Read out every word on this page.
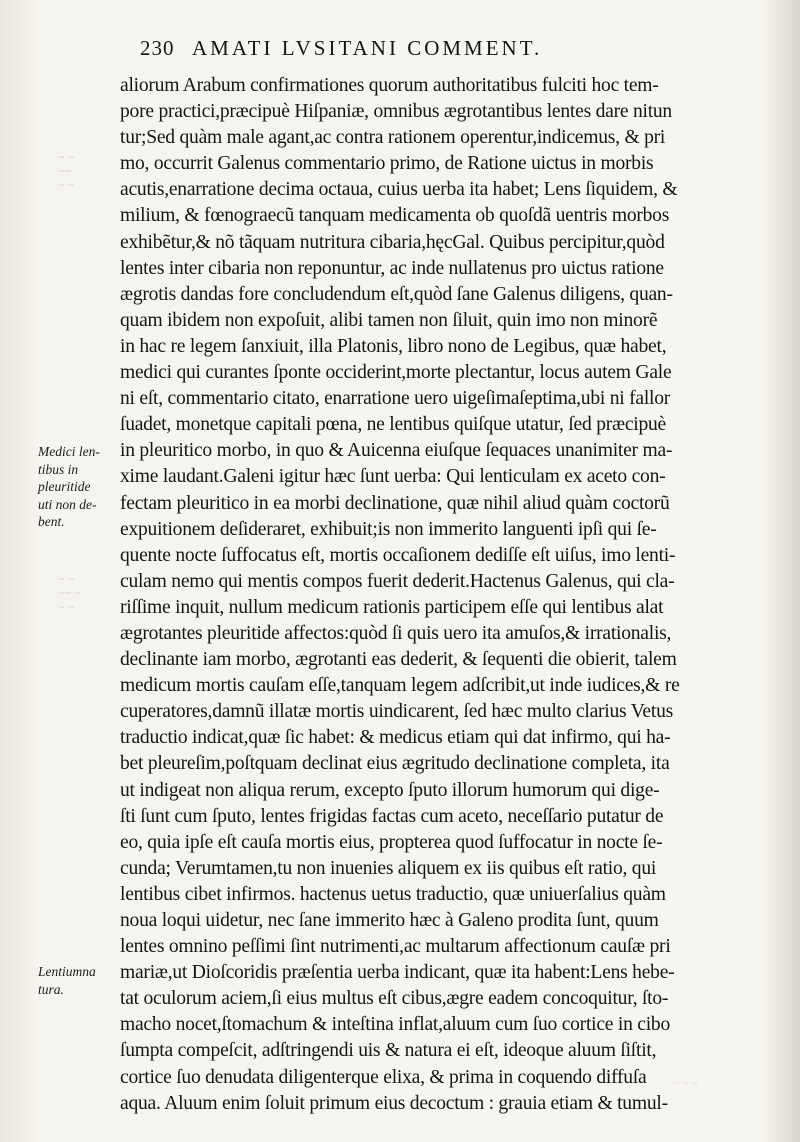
230 AMATI LVSITANI COMMENT.
~ ~
~~
~ ~
~ ~
~~ ~
~ ~
~ ~ ~
Medici len-
tibus in
pleuritide
uti non de-
bent.
Lentiumna
tura.
aliorum Arabum confirmationes quorum authoritatibus fulciti hoc tem-
pore practici,præcipuè Hiſpaniæ, omnibus ægrotantibus lentes dare nitun
tur;Sed quàm male agant,ac contra rationem operentur,indicemus, & pri
mo, occurrit Galenus commentario primo, de Ratione uictus in morbis
acutis,enarratione decima octaua, cuius uerba ita habet; Lens ſiquidem, &
milium, & fœnograecũ tanquam medicamenta ob quoſdã uentris morbos
exhibẽtur,& nõ tãquam nutritura cibaria,hęcGal. Quibus percipitur,quòd
lentes inter cibaria non reponuntur, ac inde nullatenus pro uictus ratione
ægrotis dandas fore concludendum eſt,quòd ſane Galenus diligens, quan-
quam ibidem non expoſuit, alibi tamen non ſiluit, quin imo non minorẽ
in hac re legem ſanxiuit, illa Platonis, libro nono de Legibus, quæ habet,
medici qui curantes ſponte occiderint,morte plectantur, locus autem Gale
ni eſt, commentario citato, enarratione uero uigeſimaſeptima,ubi ni fallor
ſuadet, monetque capitali pœna, ne lentibus quiſque utatur, ſed præcipuè
in pleuritico morbo, in quo & Auicenna eiuſque ſequaces unanimiter ma-
xime laudant.Galeni igitur hæc ſunt uerba: Qui lenticulam ex aceto con-
fectam pleuritico in ea morbi declinatione, quæ nihil aliud quàm coctorũ
expuitionem deſideraret, exhibuit;is non immerito languenti ipſi qui ſe-
quente nocte ſuffocatus eſt, mortis occaſionem dediſſe eſt uiſus, imo lenti-
culam nemo qui mentis compos fuerit dederit.Hactenus Galenus, qui cla-
riſſime inquit, nullum medicum rationis participem eſſe qui lentibus alat
ægrotantes pleuritide affectos:quòd ſi quis uero ita amuſos,& irrationalis,
declinante iam morbo, ægrotanti eas dederit, & ſequenti die obierit, talem
medicum mortis cauſam eſſe,tanquam legem adſcribit,ut inde iudices,& re
cuperatores,damnũ illatæ mortis uindicarent, ſed hæc multo clarius Vetus
traductio indicat,quæ ſic habet: & medicus etiam qui dat infirmo, qui ha-
bet pleureſim,poſtquam declinat eius ægritudo declinatione completa, ita
ut indigeat non aliqua rerum, excepto ſputo illorum humorum qui dige-
ſti ſunt cum ſputo, lentes frigidas factas cum aceto, neceſſario putatur de
eo, quia ipſe eſt cauſa mortis eius, propterea quod ſuffocatur in nocte ſe-
cunda; Verumtamen,tu non inuenies aliquem ex iis quibus eſt ratio, qui
lentibus cibet infirmos. hactenus uetus traductio, quæ uniuerſalius quàm
noua loqui uidetur, nec ſane immerito hæc à Galeno prodita ſunt, quum
lentes omnino peſſimi ſint nutrimenti,ac multarum affectionum cauſæ pri
mariæ,ut Dioſcoridis præſentia uerba indicant, quæ ita habent:Lens hebe-
tat oculorum aciem,ſi eius multus eſt cibus,ægre eadem concoquitur, ſto-
macho nocet,ſtomachum & inteſtina inflat,aluum cum ſuo cortice in cibo
ſumpta compeſcit, adſtringendi uis & natura ei eſt, ideoque aluum ſiſtit,
cortice ſuo denudata diligenterque elixa, & prima in coquendo diffuſa
aqua. Aluum enim ſoluit primum eius decoctum : grauia etiam & tumul-
